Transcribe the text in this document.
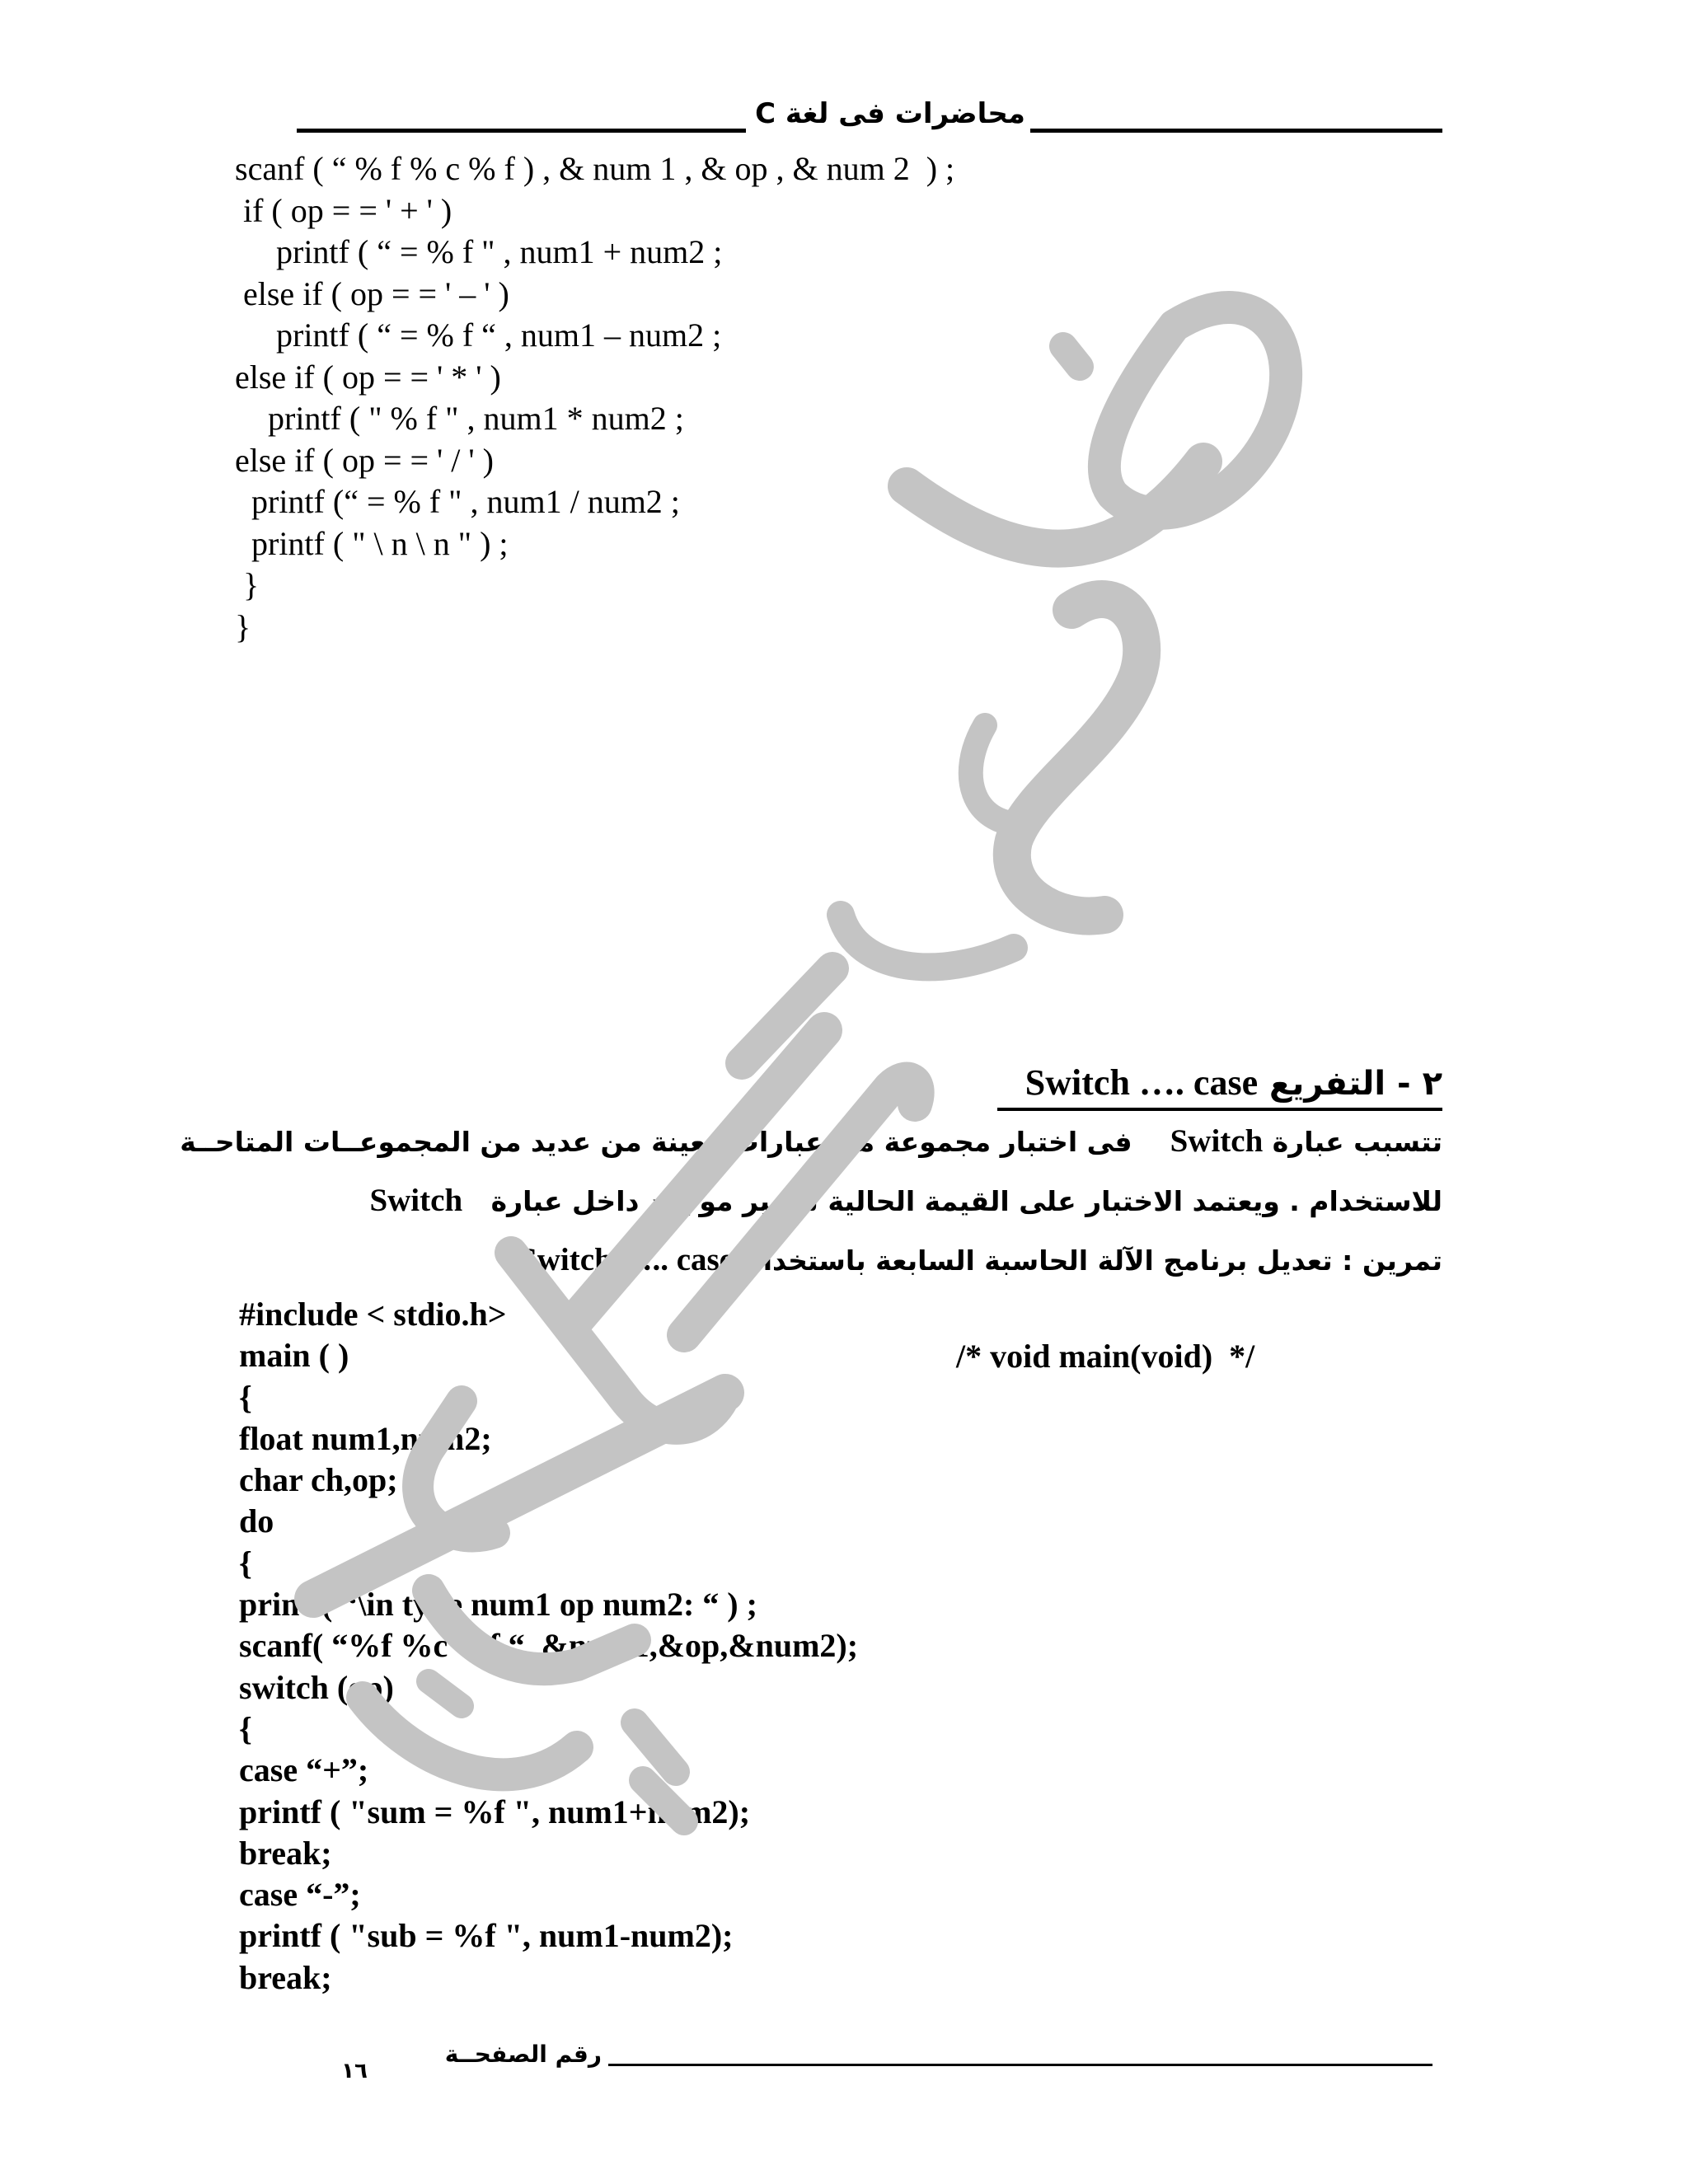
محاضرات فى لغة C
scanf ( “ % f % c % f ) , & num 1 , & op , & num 2  ) ;
if ( op = = ' + ' )
printf ( “ = % f " , num1 + num2 ;
else if ( op = = ' – ' )
printf ( “ = % f “ , num1 – num2 ;
else if ( op = = ' * ' )
printf ( " % f " , num1 * num2 ;
else if ( op = = ' / ' )
printf (“ = % f " , num1 / num2 ;
printf ( " \ n \ n " ) ;
}
}
٢ - التفريع Switch …. case
تتسبب عبارة Switch    فى اختبار مجموعة من عبارات معينة من عديد من المجموعــات المتاحــة
للاستخدام . ويعتمد الاختبار على القيمة الحالية لتعيير موجود داخل عبارة   Switch
تمرين : تعديل برنامج الآلة الحاسبة السابعة باستخدام Switch ….. case
#include < stdio.h>
main ( )
{
float num1,num2;
char ch,op;
do
{
printf( “\in type num1 op num2: “ ) ;
scanf( “%f %c %f “, &num1,&op,&num2);
switch (op)
{
case “+”;
printf ( "sum = %f ", num1+num2);
break;
case “-”;
printf ( "sub = %f ", num1-num2);
break;
/* void main(void)  */
رقم الصفحــة
١٦
